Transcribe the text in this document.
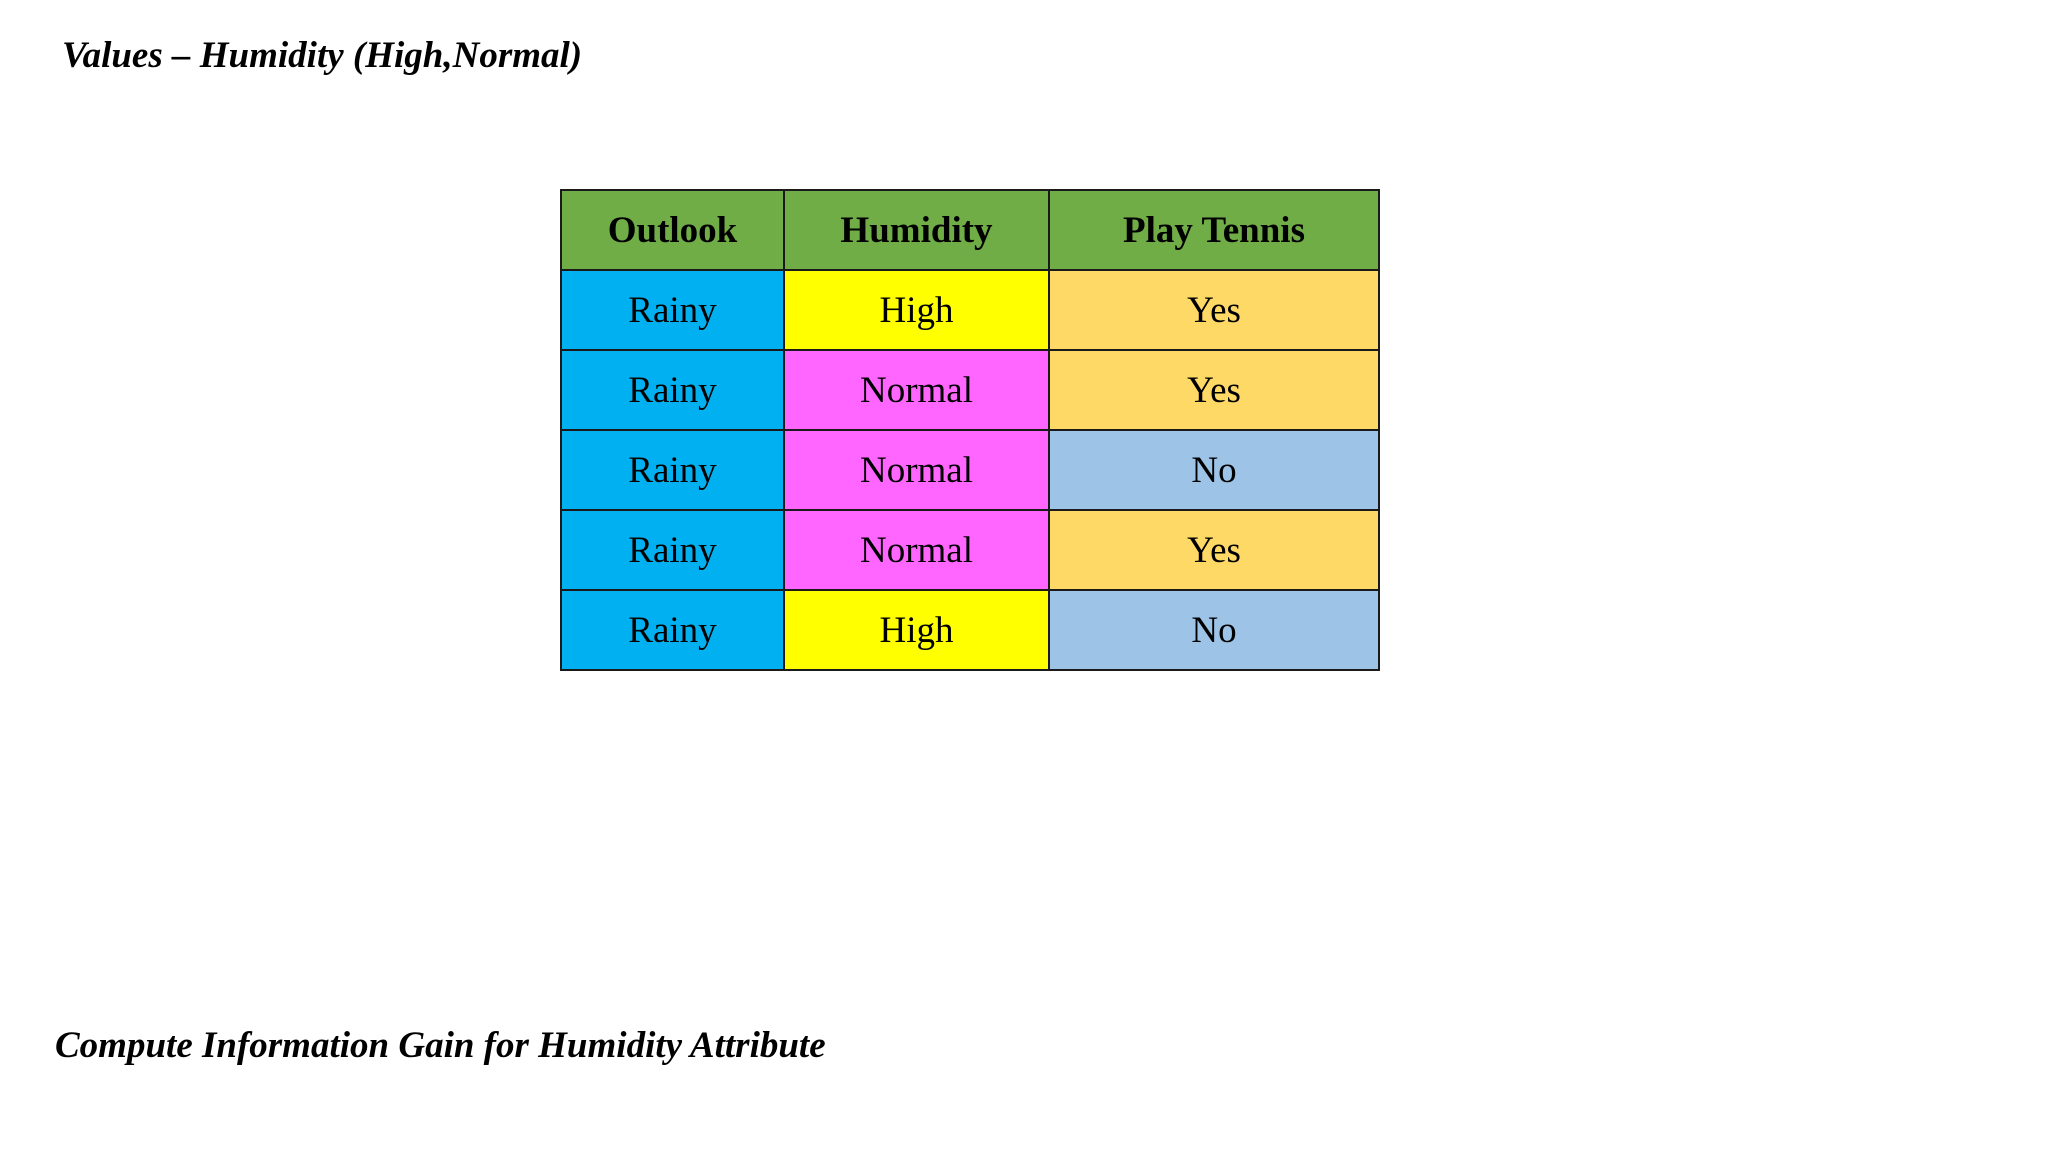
Values – Humidity (High,Normal)
Outlook	Humidity	Play Tennis
Rainy	High	Yes
Rainy	Normal	Yes
Rainy	Normal	No
Rainy	Normal	Yes
Rainy	High	No
Compute Information Gain for Humidity Attribute
